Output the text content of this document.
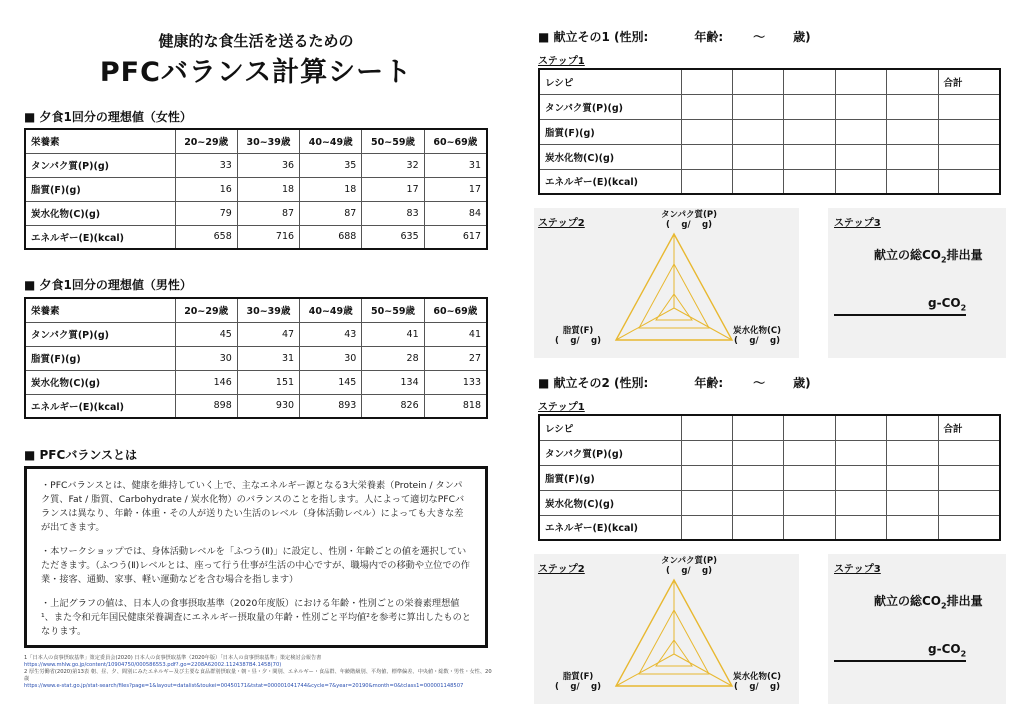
健康的な食生活を送るための
PFCバランス計算シート
■ 夕食1回分の理想値（女性）
栄養素	20~29歳	30~39歳	40~49歳	50~59歳	60~69歳
タンパク質(P)(g)	33	36	35	32	31
脂質(F)(g)	16	18	18	17	17
炭水化物(C)(g)	79	87	87	83	84
エネルギー(E)(kcal)	658	716	688	635	617
■ 夕食1回分の理想値（男性）
栄養素	20~29歳	30~39歳	40~49歳	50~59歳	60~69歳
タンパク質(P)(g)	45	47	43	41	41
脂質(F)(g)	30	31	30	28	27
炭水化物(C)(g)	146	151	145	134	133
エネルギー(E)(kcal)	898	930	893	826	818
■ PFCバランスとは

・PFCバランスとは、健康を維持していく上で、主なエネルギー源となる3大栄養素（Protein / タンパク質、Fat / 脂質、Carbohydrate / 炭水化物）のバランスのことを指します。人によって適切なPFCバランスは異なり、年齢・体重・その人が送りたい生活のレベル（身体活動レベル）によっても大きな差が出てきます。

・本ワークショップでは、身体活動レベルを「ふつう(Ⅱ)」に設定し、性別・年齢ごとの値を選択していただきます。（ふつう(Ⅱ)レベルとは、座って行う仕事が生活の中心ですが、職場内での移動や立位での作業・接客、通勤、家事、軽い運動などを含む場合を指します）

・上記グラフの値は、日本人の食事摂取基準（2020年度版）における年齢・性別ごとの栄養素理想値¹、また令和元年国民健康栄養調査にエネルギー摂取量の年齢・性別ごと平均値²を参考に算出したものとなります。

1「日本人の食事摂取基準」策定委員会(2020) 日本人の食事摂取基準（2020年版）「日本人の食事摂取基準」策定検討会報告書
https://www.mhlw.go.jp/content/10904750/000586553.pdf?.go=2208A62002.1124387B4.1458(70)
2 厚生労働省(2020)第13表 朝、昼、夕、間別にみたエネルギー及び主要な食品群別摂取量・朝・昼・夕・間別、エネルギー・食品群、年齢階級別、平均値、標準偏差、中央値・総数・男性・女性、20歳
https://www.e-stat.go.jp/stat-search/files?page=1&layout=datalist&toukei=00450171&tstat=000001041744&cycle=7&year=20190&month=0&tclass1=000001148507
■ 献立その1 (性別:	年齢:	～ 歳)
ステップ1
レシピ						合計
タンパク質(P)(g)						
脂質(F)(g)						
炭水化物(C)(g)						
エネルギー(E)(kcal)						
ステップ2
タンパク質(P)
(　 g/　 g)
脂質(F)
(　 g/　 g)
炭水化物(C)
(　 g/　 g)
ステップ3
献立の総$CO_2$排出量
$g-CO_2$
■ 献立その2 (性別:	年齢:	～ 歳)
ステップ1
レシピ						合計
タンパク質(P)(g)						
脂質(F)(g)						
炭水化物(C)(g)						
エネルギー(E)(kcal)						
ステップ2
タンパク質(P)
(　 g/　 g)
脂質(F)
(　 g/　 g)
炭水化物(C)
(　 g/　 g)
ステップ3
献立の総$CO_2$排出量
$g-CO_2$
